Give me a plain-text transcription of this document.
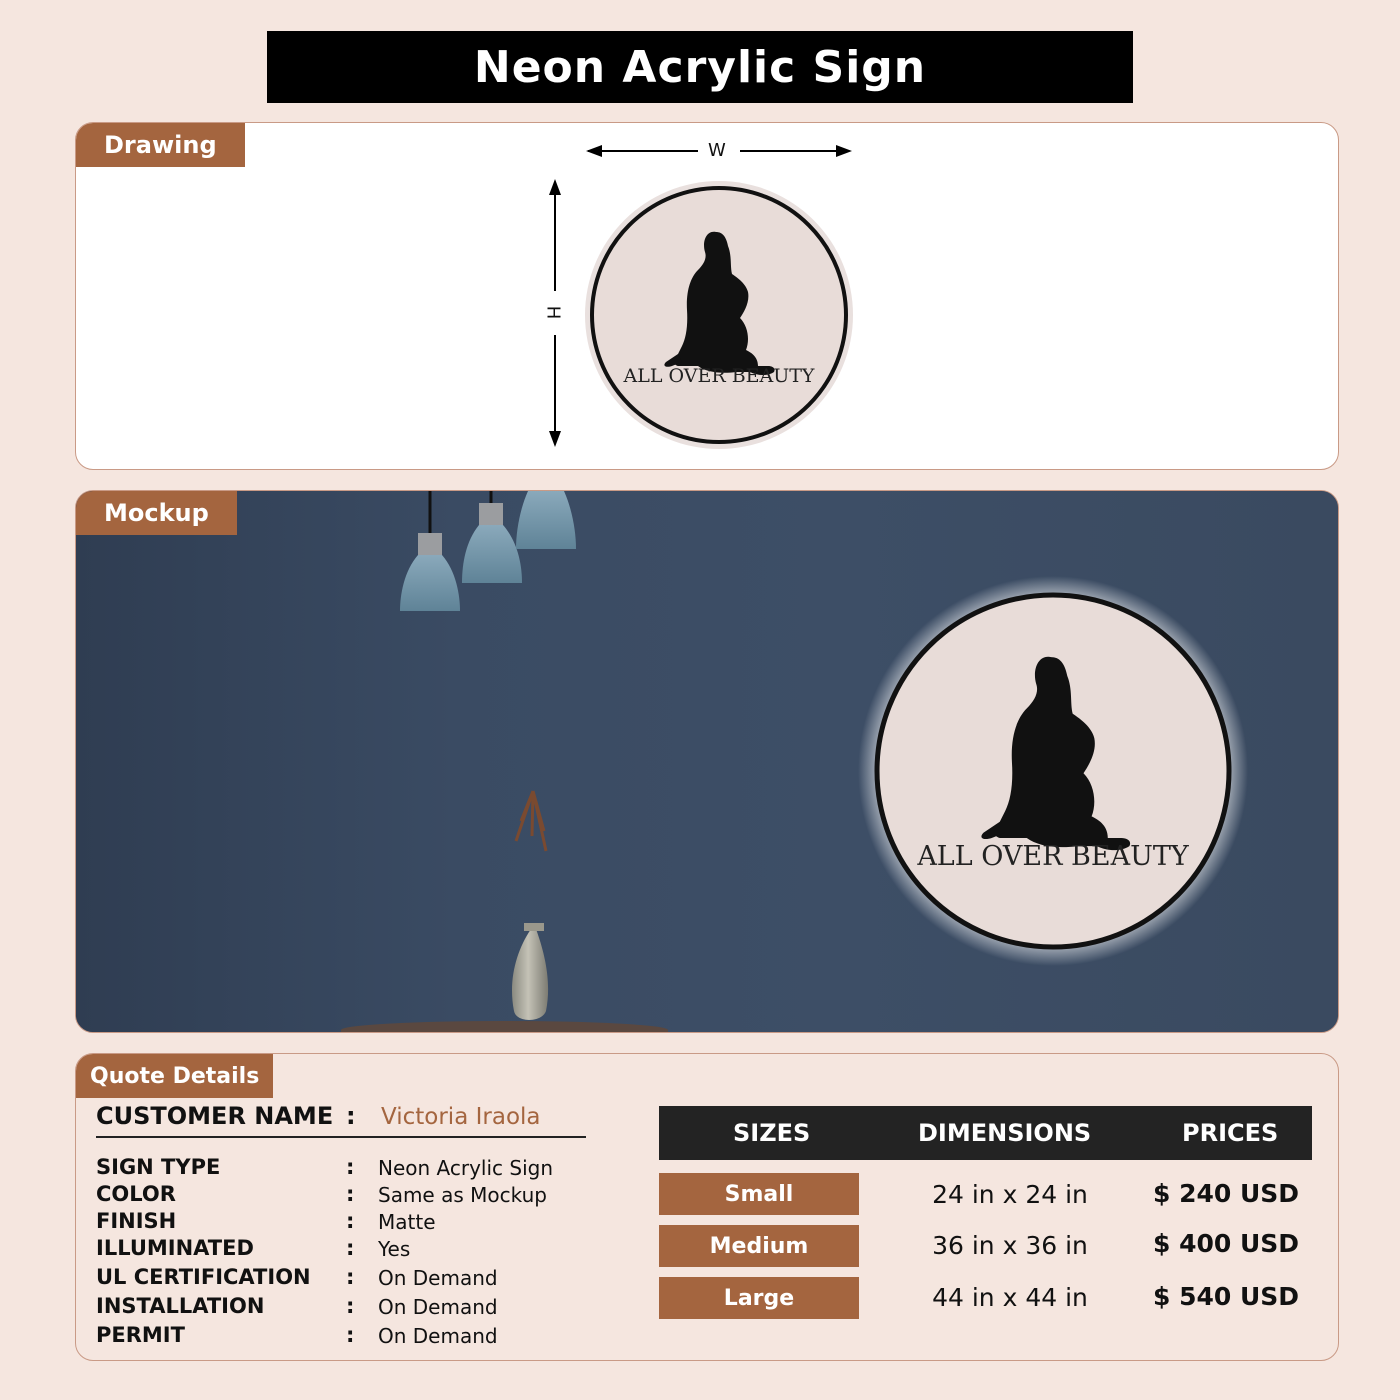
Neon Acrylic Sign
Drawing	W
H
ALL OVER BEAUTY
Mockup
ALL OVER BEAUTY
Quote Details
CUSTOMER NAME : Victoria Iraola
SIGN TYPE	: Neon Acrylic Sign
COLOR	: Same as Mockup
FINISH	: Matte
ILLUMINATED	: Yes
UL CERTIFICATION : On Demand
INSTALLATION	: On Demand
PERMIT	: On Demand
SIZES	DIMENSIONS	PRICES
Small	24 in x 24 in	$ 240 USD
Medium	36 in x 36 in	$ 400 USD
Large	44 in x 44 in	$ 540 USD
